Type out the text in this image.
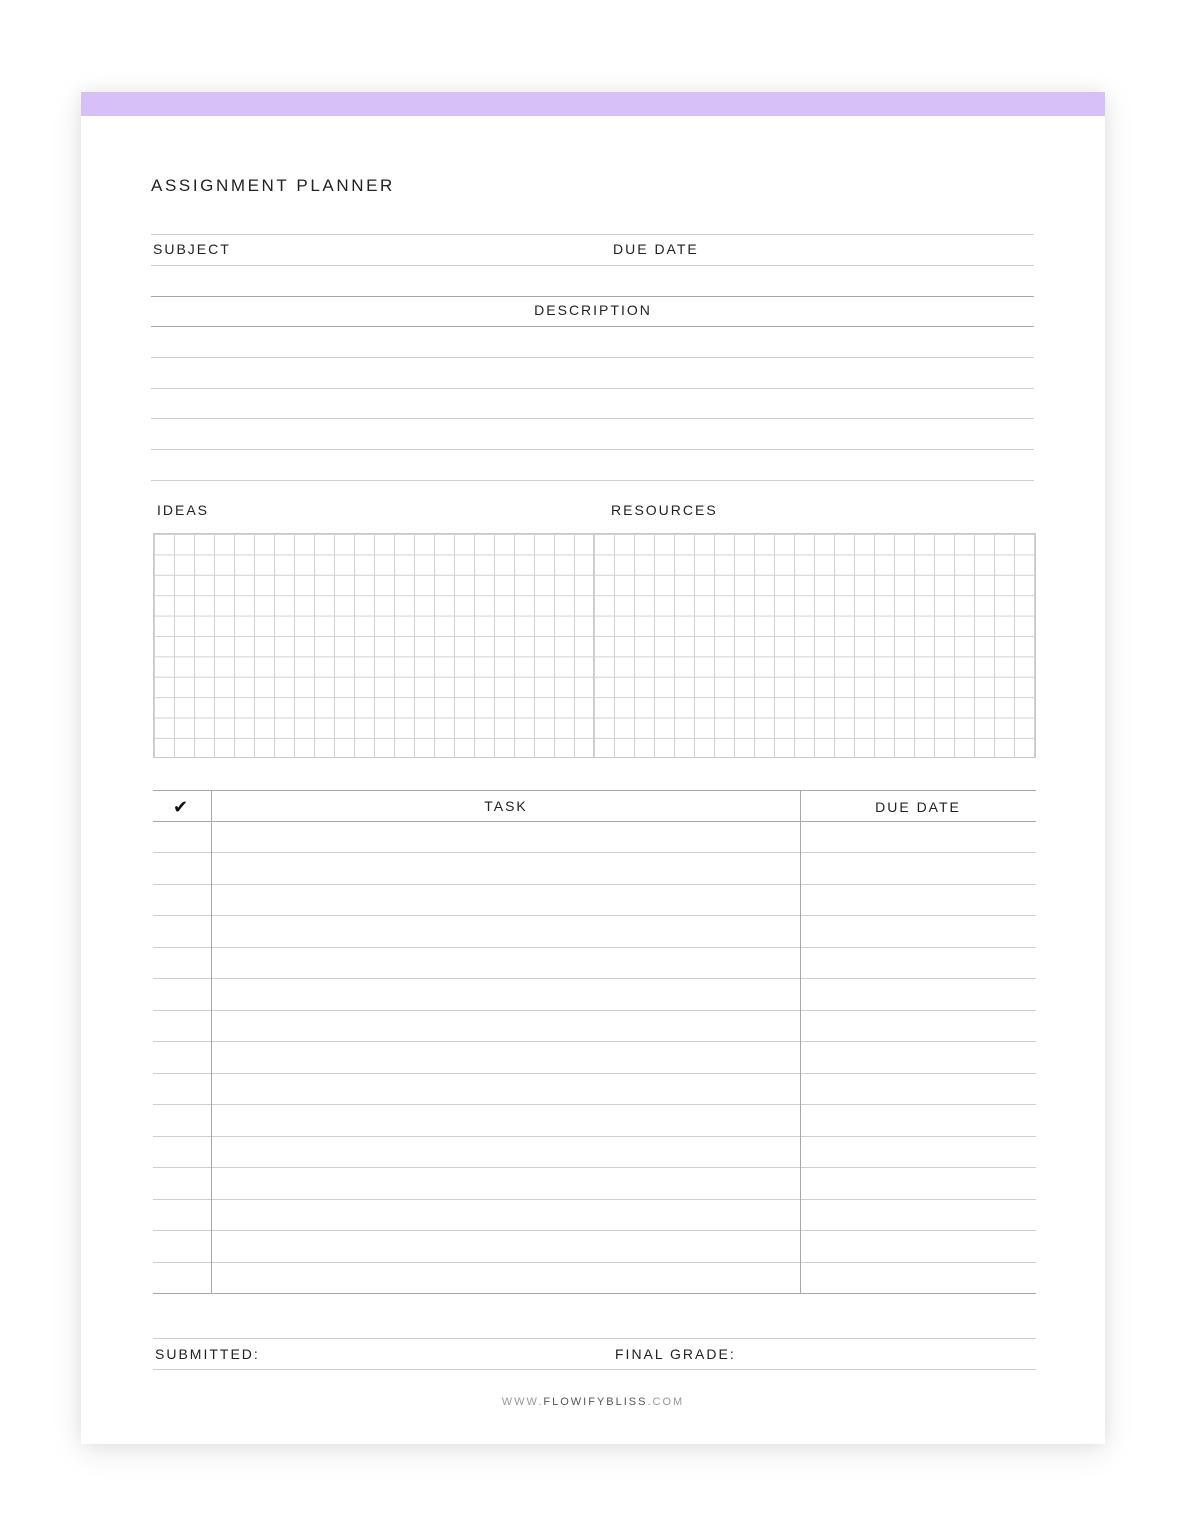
ASSIGNMENT PLANNER
SUBJECT	DUE DATE
DESCRIPTION
IDEAS	RESOURCES
✔	TASK	DUE DATE
SUBMITTED:	FINAL GRADE:
WWW.FLOWIFYBLISS.COM
